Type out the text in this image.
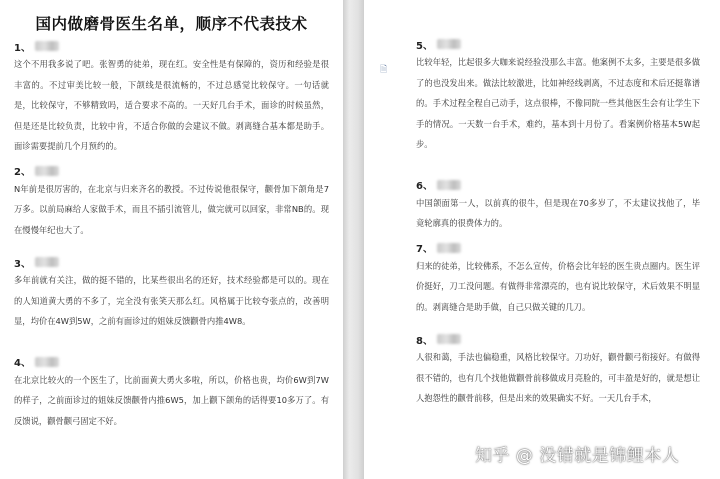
国内做磨骨医生名单，顺序不代表技术
1、

这个不用我多说了吧。张智勇的徒弟，现在红。安全性是有保障的，资历和经验是很丰富的。不过审美比较一般，下颌线是很流畅的，不过总感觉比较保守。一句话就是，比较保守，不够精致吗，适合要求不高的。一天好几台手术，面诊的时候虽然，但是还是比较负责，比较中肯，不适合你做的会建议不做。剥离缝合基本都是助手。面诊需要提前几个月预约的。

2、

N年前是很厉害的，在北京与归来齐名的教授。不过传说他很保守，颧骨加下颌角是7万多。以前局麻给人家做手术，而且不插引流管儿，做完就可以回家，非常NB的。现在慢慢年纪也大了。

3、

多年前就有关注，做的挺不错的，比某些很出名的还好，技术经验都是可以的。现在的人知道黄大勇的不多了，完全没有张笑天那么红。风格属于比较夸张点的，改善明显，均价在4W到5W，之前有面诊过的姐妹反馈颧骨内推4W8。

4、

在北京比较火的一个医生了，比前面黄大勇火多啦，所以，价格也贵，均价6W到7W的样子，之前面诊过的姐妹反馈颧骨内推6W5，加上颧下颌角的话得要10多万了。有反馈说，颧骨颧弓固定不好。

5、

比较年轻，比起很多大咖来说经验没那么丰富。他案例不太多，主要是很多做了的也没发出来。做法比较激进，比如神经线剥离，不过态度和术后还挺靠谱的。手术过程全程自己动手，这点很棒，不像同院一些其他医生会有让学生下手的情况。一天数一台手术，难约，基本到十月份了。看案例价格基本5W起步。

6、

中国颌面第一人，以前真的很牛，但是现在70多岁了，不太建议找他了，毕竟轮廓真的很费体力的。

7、

归来的徒弟，比较佛系，不怎么宣传，价格会比年轻的医生贵点圈内。医生评价挺好，刀工没问题。有做得非常漂亮的，也有说比较保守，术后效果不明显的。剥离缝合是助手做，自己只做关键的几刀。

8、

人很和蔼，手法也偏稳重，风格比较保守。刀功好，颧骨颧弓衔接好。有做得很不错的，也有几个找他做颧骨前移做成月亮脸的，可丰盈是好的，就是想让人抱怨性的颧骨前移，但是出来的效果确实不好。一天几台手术，

🗎
知乎 @ 没错就是锦鲤本人
